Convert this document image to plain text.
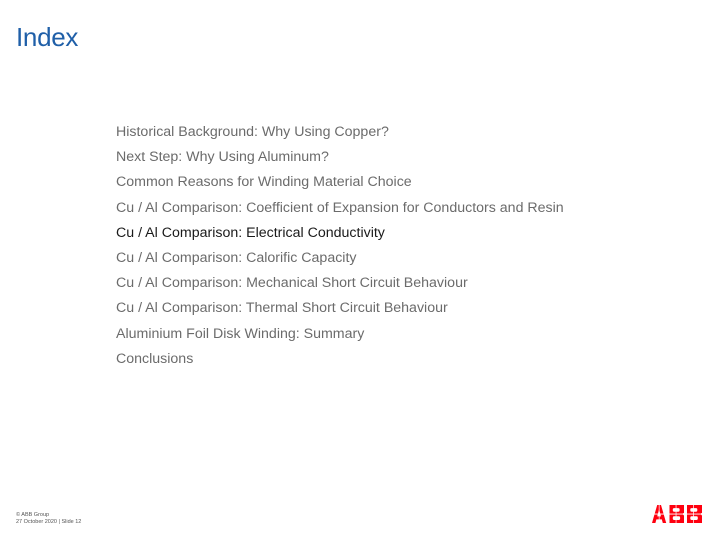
Index
Historical Background: Why Using Copper?
Next Step: Why Using Aluminum?
Common Reasons for Winding Material Choice
Cu / Al Comparison: Coefficient of Expansion for Conductors and Resin
Cu / Al Comparison: Electrical Conductivity
Cu / Al Comparison: Calorific Capacity
Cu / Al Comparison: Mechanical Short Circuit Behaviour
Cu / Al Comparison: Thermal Short Circuit Behaviour
Aluminium Foil Disk Winding: Summary
Conclusions
© ABB Group
27 October 2020 | Slide 12
